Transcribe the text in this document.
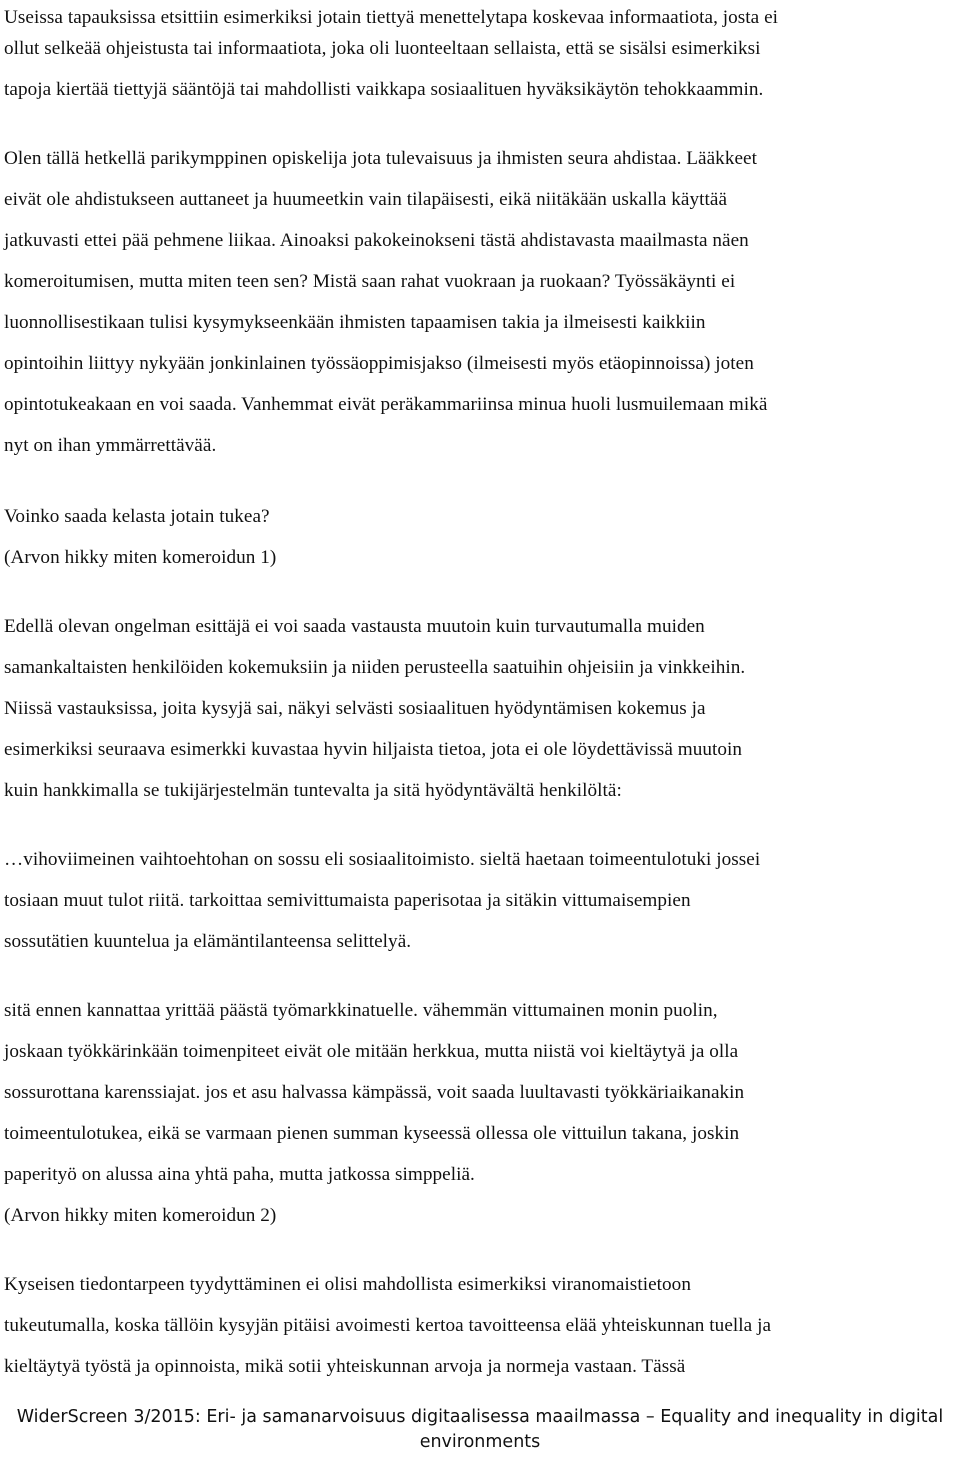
Useissa tapauksissa etsittiin esimerkiksi jotain tiettyä menettelytapa koskevaa informaatiota, josta ei
ollut selkeää ohjeistusta tai informaatiota, joka oli luonteeltaan sellaista, että se sisälsi esimerkiksi
tapoja kiertää tiettyjä sääntöjä tai mahdollisti vaikkapa sosiaalituen hyväksikäytön tehokkaammin.
Olen tällä hetkellä parikymppinen opiskelija jota tulevaisuus ja ihmisten seura ahdistaa. Lääkkeet
eivät ole ahdistukseen auttaneet ja huumeetkin vain tilapäisesti, eikä niitäkään uskalla käyttää
jatkuvasti ettei pää pehmene liikaa. Ainoaksi pakokeinokseni tästä ahdistavasta maailmasta näen
komeroitumisen, mutta miten teen sen? Mistä saan rahat vuokraan ja ruokaan? Työssäkäynti ei
luonnollisestikaan tulisi kysymykseenkään ihmisten tapaamisen takia ja ilmeisesti kaikkiin
opintoihin liittyy nykyään jonkinlainen työssäoppimisjakso (ilmeisesti myös etäopinnoissa) joten
opintotukeakaan en voi saada. Vanhemmat eivät peräkammariinsa minua huoli lusmuilemaan mikä
nyt on ihan ymmärrettävää.
Voinko saada kelasta jotain tukea?
(Arvon hikky miten komeroidun 1)
Edellä olevan ongelman esittäjä ei voi saada vastausta muutoin kuin turvautumalla muiden
samankaltaisten henkilöiden kokemuksiin ja niiden perusteella saatuihin ohjeisiin ja vinkkeihin.
Niissä vastauksissa, joita kysyjä sai, näkyi selvästi sosiaalituen hyödyntämisen kokemus ja
esimerkiksi seuraava esimerkki kuvastaa hyvin hiljaista tietoa, jota ei ole löydettävissä muutoin
kuin hankkimalla se tukijärjestelmän tuntevalta ja sitä hyödyntävältä henkilöltä:
…vihoviimeinen vaihtoehtohan on sossu eli sosiaalitoimisto. sieltä haetaan toimeentulotuki jossei
tosiaan muut tulot riitä. tarkoittaa semivittumaista paperisotaa ja sitäkin vittumaisempien
sossutätien kuuntelua ja elämäntilanteensa selittelyä.
sitä ennen kannattaa yrittää päästä työmarkkinatuelle. vähemmän vittumainen monin puolin,
joskaan työkkärinkään toimenpiteet eivät ole mitään herkkua, mutta niistä voi kieltäytyä ja olla
sossurottana karenssiajat. jos et asu halvassa kämpässä, voit saada luultavasti työkkäriaikanakin
toimeentulotukea, eikä se varmaan pienen summan kyseessä ollessa ole vittuilun takana, joskin
paperityö on alussa aina yhtä paha, mutta jatkossa simppeliä.
(Arvon hikky miten komeroidun 2)
Kyseisen tiedontarpeen tyydyttäminen ei olisi mahdollista esimerkiksi viranomaistietoon
tukeutumalla, koska tällöin kysyjän pitäisi avoimesti kertoa tavoitteensa elää yhteiskunnan tuella ja
kieltäytyä työstä ja opinnoista, mikä sotii yhteiskunnan arvoja ja normeja vastaan. Tässä
WiderScreen 3/2015: Eri- ja samanarvoisuus digitaalisessa maailmassa – Equality and inequality in digital
environments
